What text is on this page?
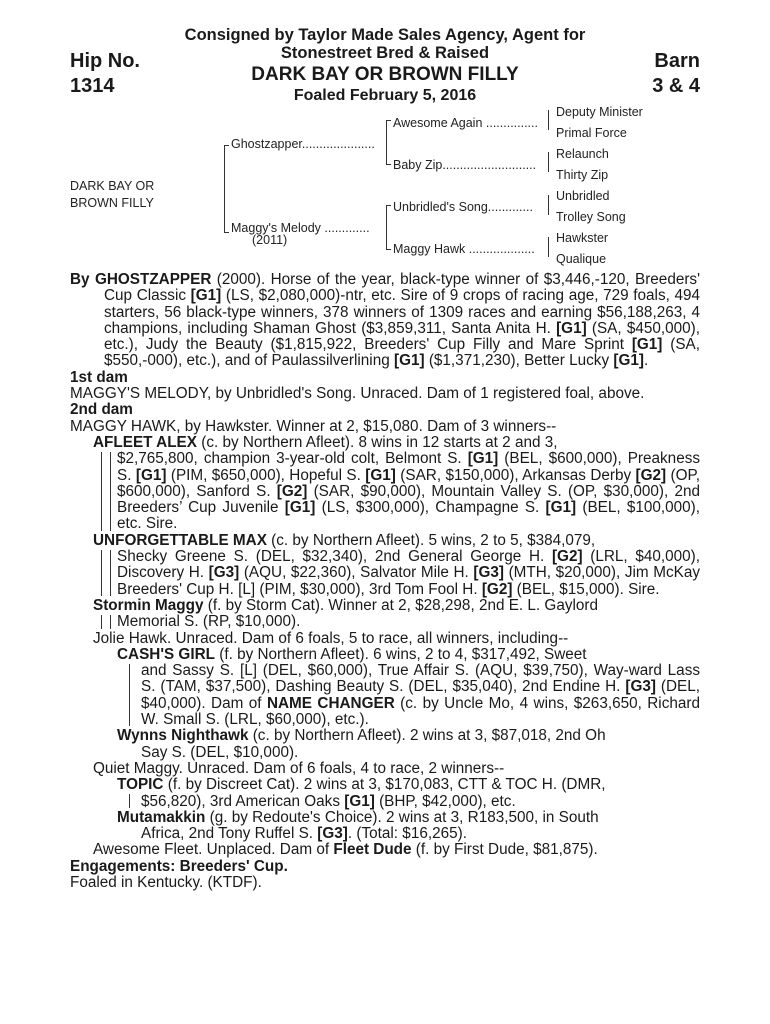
Consigned by Taylor Made Sales Agency, Agent for
Stonestreet Bred & Raised
Hip No.
1314
Barn
3 & 4
DARK BAY OR BROWN FILLY
Foaled February 5, 2016
DARK BAY OR
BROWN FILLY
Ghostzapper.....................
Maggy's Melody .............
(2011)
Awesome Again ...............
Baby Zip...........................
Unbridled's Song.............
Maggy Hawk ...................
Deputy Minister
Primal Force
Relaunch
Thirty Zip
Unbridled
Trolley Song
Hawkster
Qualique

By GHOSTZAPPER (2000). Horse of the year, black-type winner of $3,446,-120, Breeders' Cup Classic [G1] (LS, $2,080,000)-ntr, etc. Sire of 9 crops of racing age, 729 foals, 494 starters, 56 black-type winners, 378 winners of 1309 races and earning $56,188,263, 4 champions, including Shaman Ghost ($3,859,311, Santa Anita H. [G1] (SA, $450,000), etc.), Judy the Beauty ($1,815,922, Breeders' Cup Filly and Mare Sprint [G1] (SA, $550,-000), etc.), and of Paulassilverlining [G1] ($1,371,230), Better Lucky [G1].

1st dam

MAGGY'S MELODY, by Unbridled's Song. Unraced. Dam of 1 registered foal, above.

2nd dam

MAGGY HAWK, by Hawkster. Winner at 2, $15,080. Dam of 3 winners--

AFLEET ALEX (c. by Northern Afleet). 8 wins in 12 starts at 2 and 3,

$2,765,800, champion 3-year-old colt, Belmont S. [G1] (BEL, $600,000), Preakness S. [G1] (PIM, $650,000), Hopeful S. [G1] (SAR, $150,000), Arkansas Derby [G2] (OP, $600,000), Sanford S. [G2] (SAR, $90,000), Mountain Valley S. (OP, $30,000), 2nd Breeders’ Cup Juvenile [G1] (LS, $300,000), Champagne S. [G1] (BEL, $100,000), etc. Sire.

UNFORGETTABLE MAX (c. by Northern Afleet). 5 wins, 2 to 5, $384,079,

Shecky Greene S. (DEL, $32,340), 2nd General George H. [G2] (LRL, $40,000), Discovery H. [G3] (AQU, $22,360), Salvator Mile H. [G3] (MTH, $20,000), Jim McKay Breeders' Cup H. [L] (PIM, $30,000), 3rd Tom Fool H. [G2] (BEL, $15,000). Sire.

Stormin Maggy (f. by Storm Cat). Winner at 2, $28,298, 2nd E. L. Gaylord

Memorial S. (RP, $10,000).

Jolie Hawk. Unraced. Dam of 6 foals, 5 to race, all winners, including--

CASH'S GIRL (f. by Northern Afleet). 6 wins, 2 to 4, $317,492, Sweet

and Sassy S. [L] (DEL, $60,000), True Affair S. (AQU, $39,750), Way-ward Lass S. (TAM, $37,500), Dashing Beauty S. (DEL, $35,040), 2nd Endine H. [G3] (DEL, $40,000). Dam of NAME CHANGER (c. by Uncle Mo, 4 wins, $263,650, Richard W. Small S. (LRL, $60,000), etc.).

Wynns Nighthawk (c. by Northern Afleet). 2 wins at 3, $87,018, 2nd Oh

Say S. (DEL, $10,000).

Quiet Maggy. Unraced. Dam of 6 foals, 4 to race, 2 winners--

TOPIC (f. by Discreet Cat). 2 wins at 3, $170,083, CTT & TOC H. (DMR,

$56,820), 3rd American Oaks [G1] (BHP, $42,000), etc.

Mutamakkin (g. by Redoute's Choice). 2 wins at 3, R183,500, in South

Africa, 2nd Tony Ruffel S. [G3]. (Total: $16,265).

Awesome Fleet. Unplaced. Dam of Fleet Dude (f. by First Dude, $81,875).

Engagements: Breeders' Cup.

Foaled in Kentucky. (KTDF).
